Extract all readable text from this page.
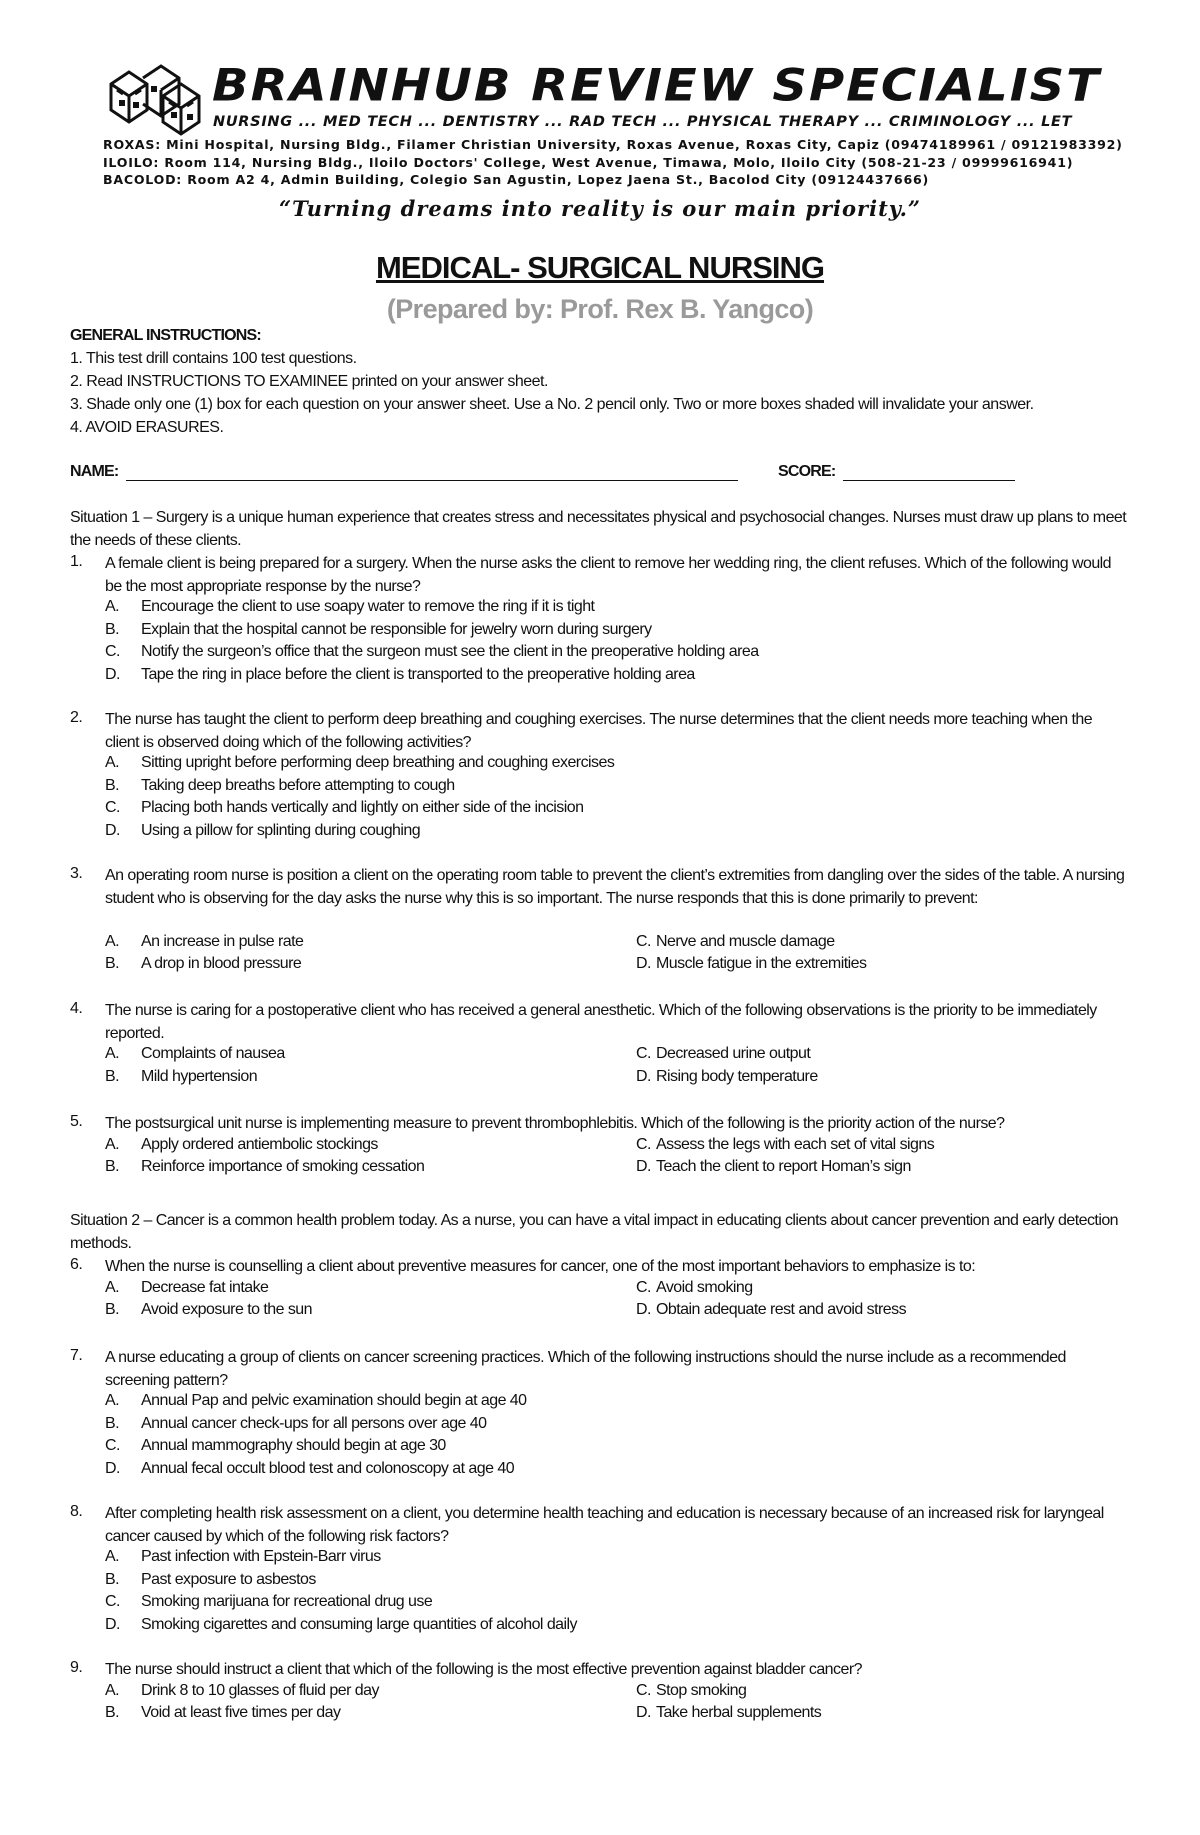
BRAINHUB REVIEW SPECIALIST
NURSING ... MED TECH ... DENTISTRY ... RAD TECH ... PHYSICAL THERAPY ... CRIMINOLOGY ... LET
ROXAS: Mini Hospital, Nursing Bldg., Filamer Christian University, Roxas Avenue, Roxas City, Capiz (09474189961 / 09121983392)
ILOILO: Room 114, Nursing Bldg., Iloilo Doctors' College, West Avenue, Timawa, Molo, Iloilo City (508-21-23 / 09999616941)
BACOLOD: Room A2 4, Admin Building, Colegio San Agustin, Lopez Jaena St., Bacolod City (09124437666)
“Turning dreams into reality is our main priority.”
MEDICAL- SURGICAL NURSING
(Prepared by: Prof. Rex B. Yangco)
GENERAL INSTRUCTIONS:
1. This test drill contains 100 test questions.
2. Read INSTRUCTIONS TO EXAMINEE printed on your answer sheet.
3. Shade only one (1) box for each question on your answer sheet. Use a No. 2 pencil only. Two or more boxes shaded will invalidate your answer.
4. AVOID ERASURES.
NAME:	SCORE:
Situation 1 – Surgery is a unique human experience that creates stress and necessitates physical and psychosocial changes. Nurses must draw up plans to meet the needs of these clients.
Situation 2 – Cancer is a common health problem today. As a nurse, you can have a vital impact in educating clients about cancer prevention and early detection methods.
1. A female client is being prepared for a surgery. When the nurse asks the client to remove her wedding ring, the client refuses. Which of the following would be the most appropriate response by the nurse?
A. Encourage the client to use soapy water to remove the ring if it is tight
B. Explain that the hospital cannot be responsible for jewelry worn during surgery
C. Notify the surgeon’s office that the surgeon must see the client in the preoperative holding area
D. Tape the ring in place before the client is transported to the preoperative holding area
2. The nurse has taught the client to perform deep breathing and coughing exercises. The nurse determines that the client needs more teaching when the client is observed doing which of the following activities?
A. Sitting upright before performing deep breathing and coughing exercises
B. Taking deep breaths before attempting to cough
C. Placing both hands vertically and lightly on either side of the incision
D. Using a pillow for splinting during coughing
3. An operating room nurse is position a client on the operating room table to prevent the client’s extremities from dangling over the sides of the table. A nursing student who is observing for the day asks the nurse why this is so important. The nurse responds that this is done primarily to prevent:
A. An increase in pulse rate
B. A drop in blood pressure
C. Nerve and muscle damage
D. Muscle fatigue in the extremities
4. The nurse is caring for a postoperative client who has received a general anesthetic. Which of the following observations is the priority to be immediately reported.
A. Complaints of nausea
B. Mild hypertension
C. Decreased urine output
D. Rising body temperature
5. The postsurgical unit nurse is implementing measure to prevent thrombophlebitis. Which of the following is the priority action of the nurse?
A. Apply ordered antiembolic stockings
B. Reinforce importance of smoking cessation
C. Assess the legs with each set of vital signs
D. Teach the client to report Homan’s sign
6. When the nurse is counselling a client about preventive measures for cancer, one of the most important behaviors to emphasize is to:
A. Decrease fat intake
B. Avoid exposure to the sun
C. Avoid smoking
D. Obtain adequate rest and avoid stress
7. A nurse educating a group of clients on cancer screening practices. Which of the following instructions should the nurse include as a recommended screening pattern?
A. Annual Pap and pelvic examination should begin at age 40
B. Annual cancer check-ups for all persons over age 40
C. Annual mammography should begin at age 30
D. Annual fecal occult blood test and colonoscopy at age 40
8. After completing health risk assessment on a client, you determine health teaching and education is necessary because of an increased risk for laryngeal cancer caused by which of the following risk factors?
A. Past infection with Epstein-Barr virus
B. Past exposure to asbestos
C. Smoking marijuana for recreational drug use
D. Smoking cigarettes and consuming large quantities of alcohol daily
9. The nurse should instruct a client that which of the following is the most effective prevention against bladder cancer?
A. Drink 8 to 10 glasses of fluid per day
B. Void at least five times per day
C. Stop smoking
D. Take herbal supplements
